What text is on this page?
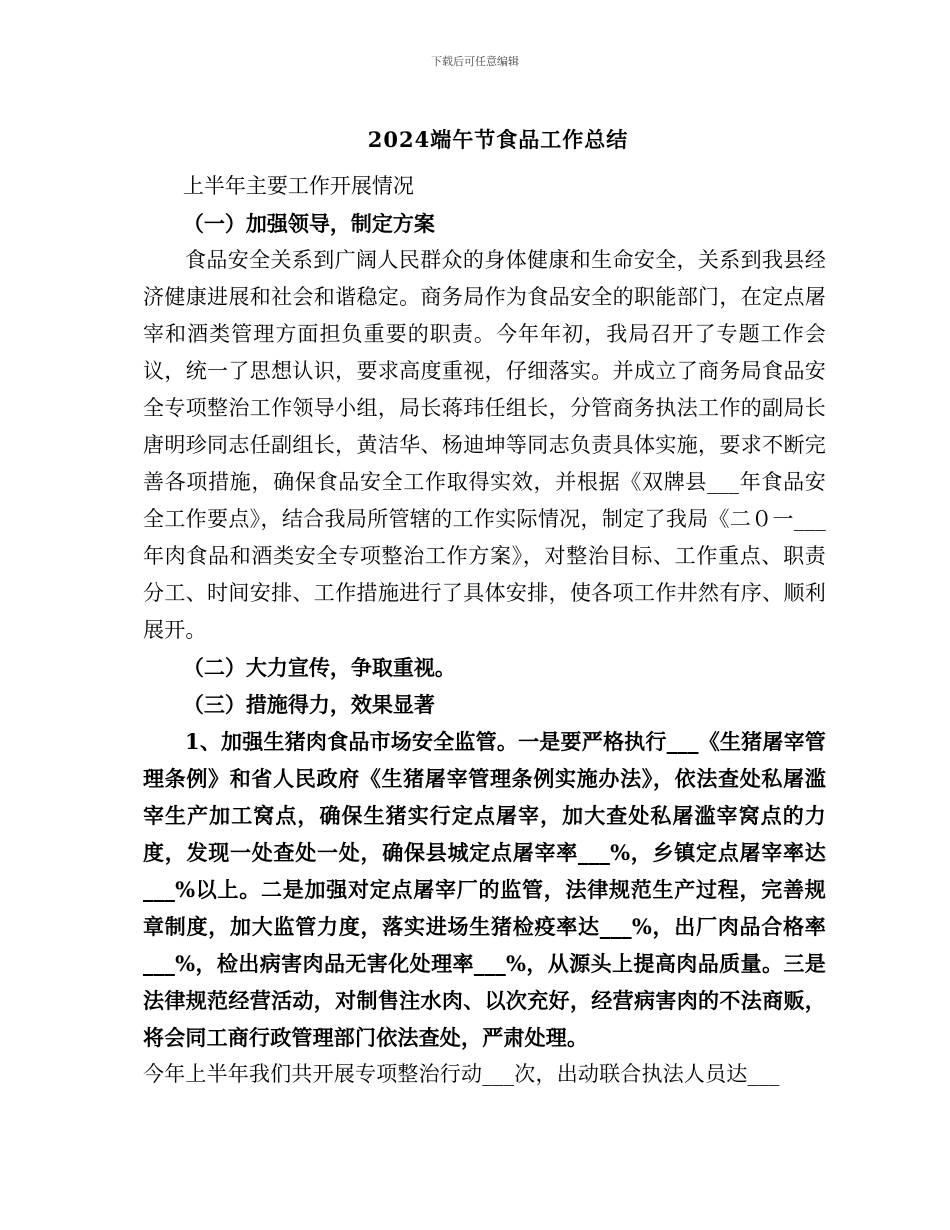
下载后可任意编辑
2024端午节食品工作总结

上半年主要工作开展情况

（一）加强领导，制定方案

食品安全关系到广阔人民群众的身体健康和生命安全，关系到我县经济健康进展和社会和谐稳定。商务局作为食品安全的职能部门，在定点屠宰和酒类管理方面担负重要的职责。今年年初，我局召开了专题工作会议，统一了思想认识，要求高度重视，仔细落实。并成立了商务局食品安全专项整治工作领导小组，局长蒋玮任组长，分管商务执法工作的副局长唐明珍同志任副组长，黄洁华、杨迪坤等同志负责具体实施，要求不断完善各项措施，确保食品安全工作取得实效，并根据《双牌县___年食品安全工作要点》，结合我局所管辖的工作实际情况，制定了我局《二０一___年肉食品和酒类安全专项整治工作方案》，对整治目标、工作重点、职责分工、时间安排、工作措施进行了具体安排，使各项工作井然有序、顺利展开。

（二）大力宣传，争取重视。

（三）措施得力，效果显著

1、加强生猪肉食品市场安全监管。一是要严格执行___《生猪屠宰管理条例》和省人民政府《生猪屠宰管理条例实施办法》，依法查处私屠滥宰生产加工窝点，确保生猪实行定点屠宰，加大查处私屠滥宰窝点的力度，发现一处查处一处，确保县城定点屠宰率___%，乡镇定点屠宰率达___%以上。二是加强对定点屠宰厂的监管，法律规范生产过程，完善规章制度，加大监管力度，落实进场生猪检疫率达___%，出厂肉品合格率___%，检出病害肉品无害化处理率___%，从源头上提高肉品质量。三是法律规范经营活动，对制售注水肉、以次充好，经营病害肉的不法商贩，将会同工商行政管理部门依法查处，严肃处理。

今年上半年我们共开展专项整治行动___次，出动联合执法人员达___
